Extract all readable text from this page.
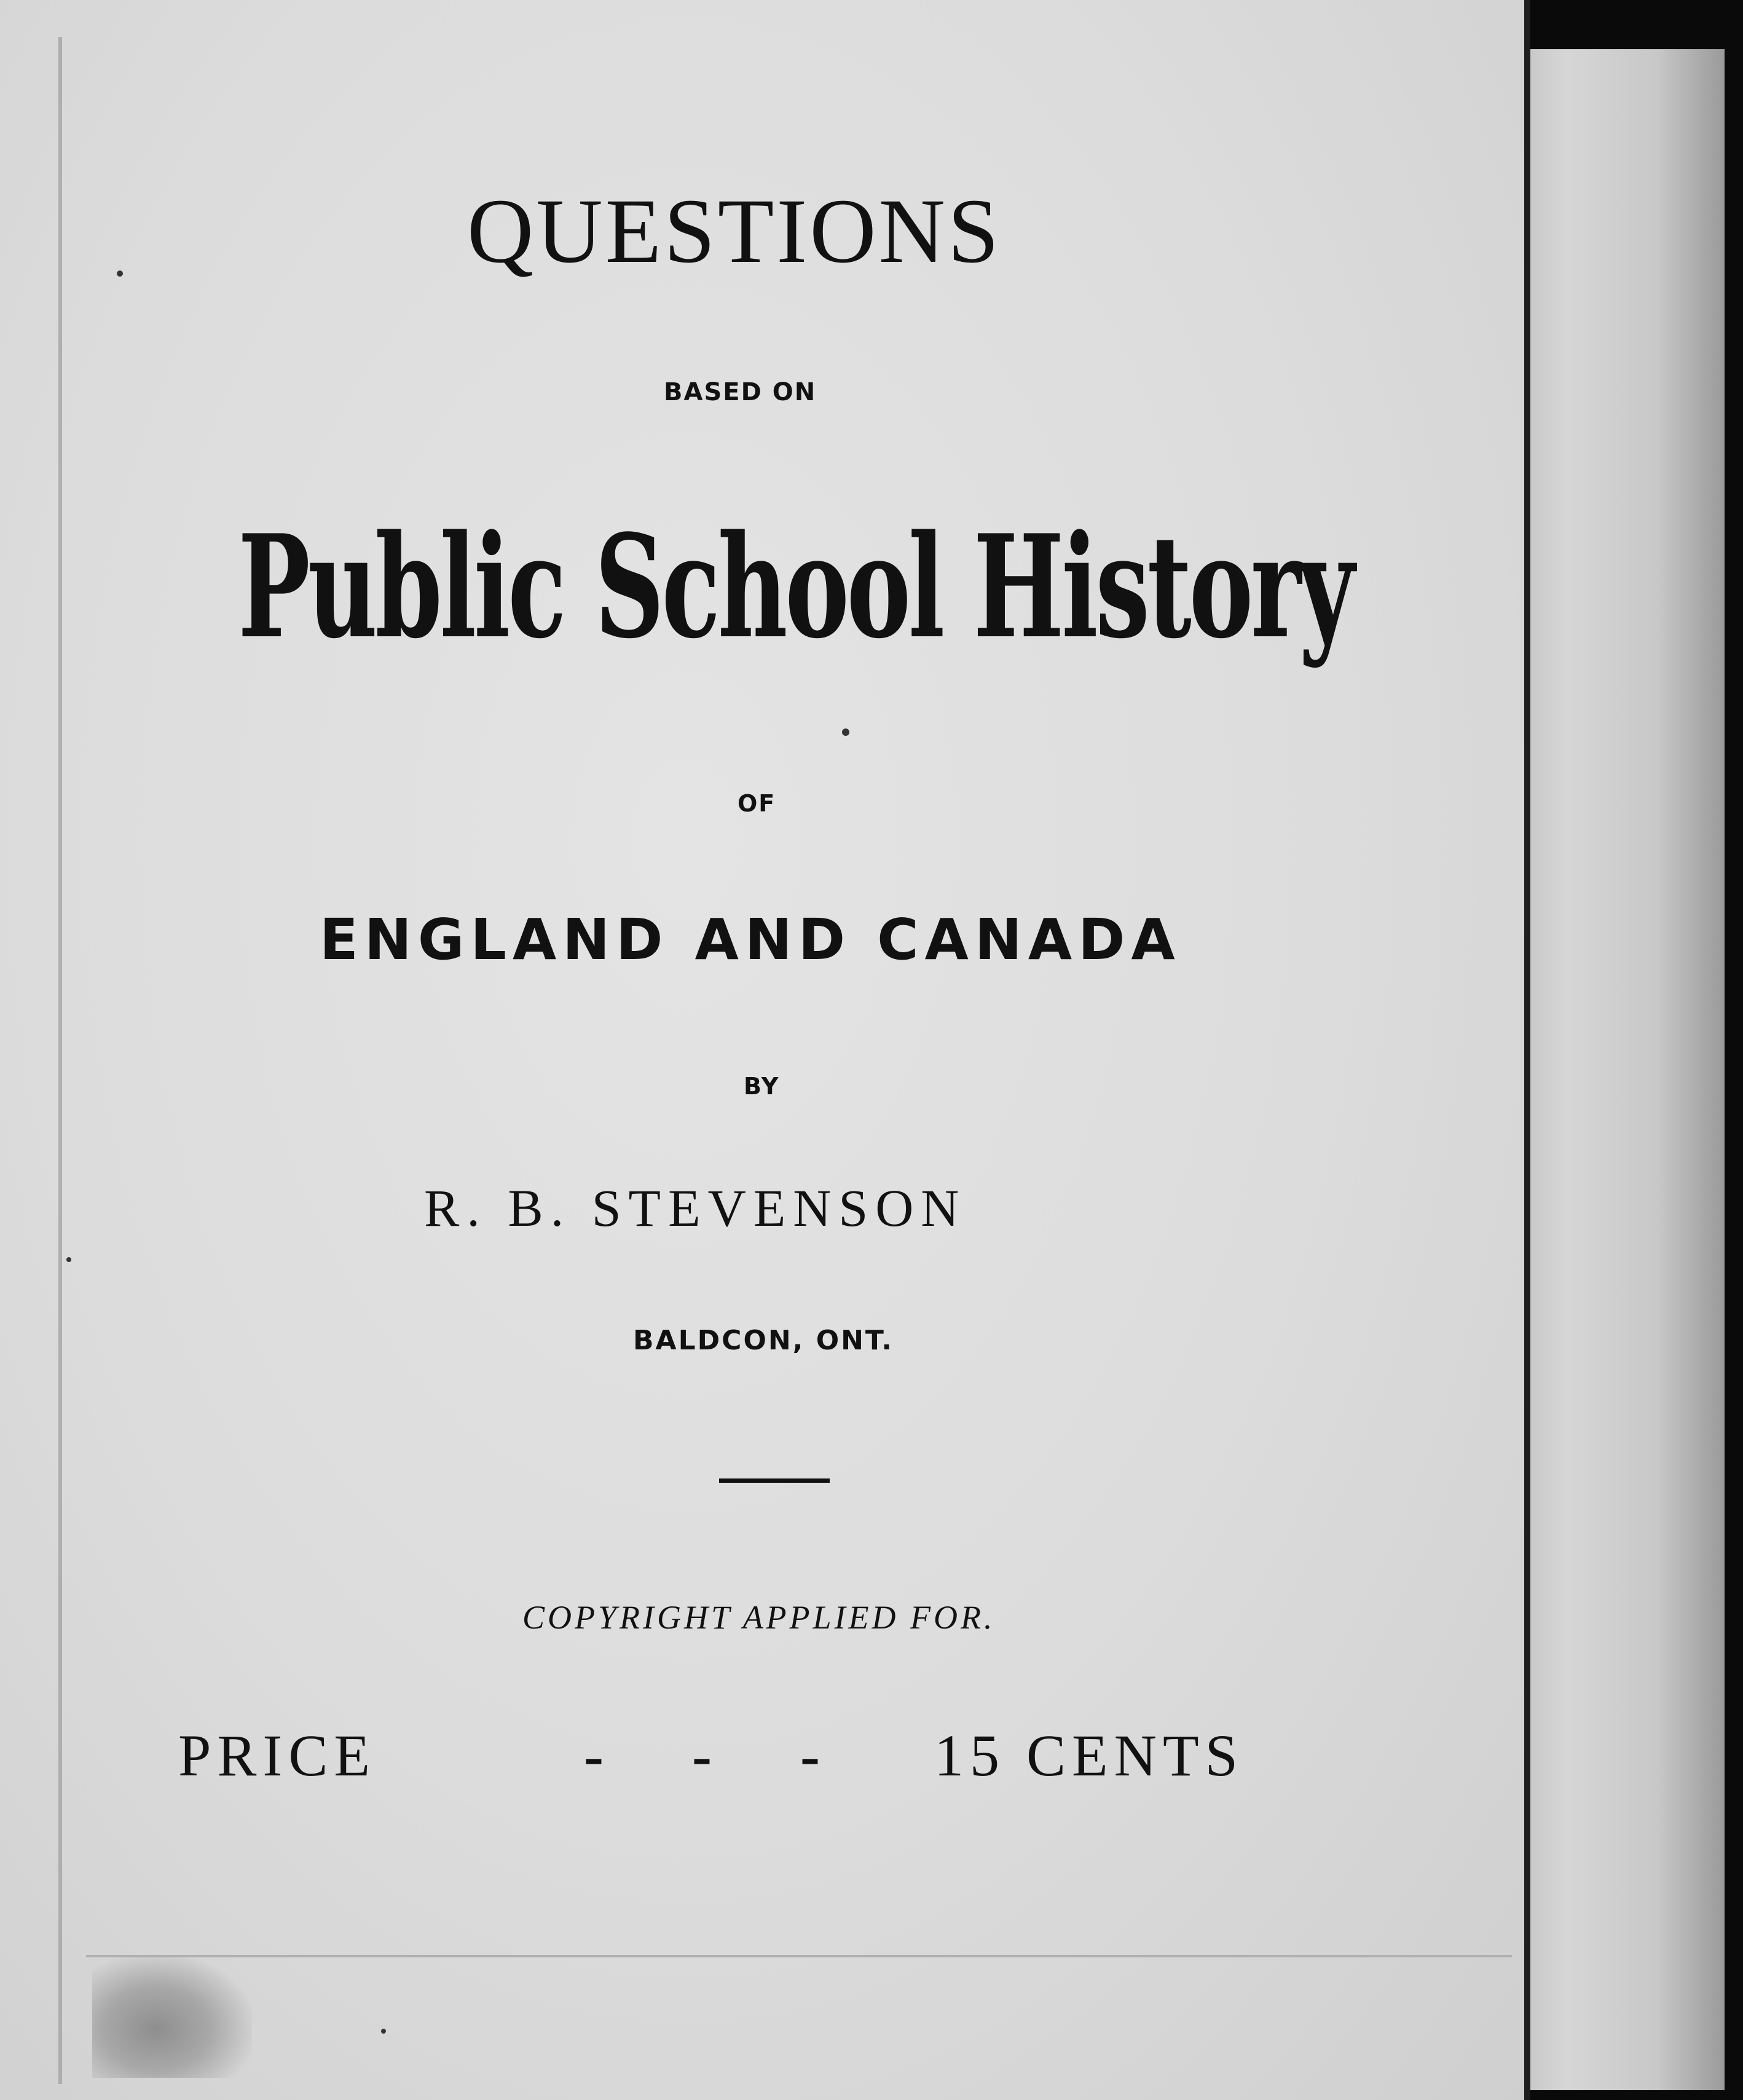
QUESTIONS
BASED ON
Public School History
OF
ENGLAND AND CANADA
BY
R. B. STEVENSON
BALDCON, ONT.
COPYRIGHT APPLIED FOR.
PRICE	- - - 15 CENTS
